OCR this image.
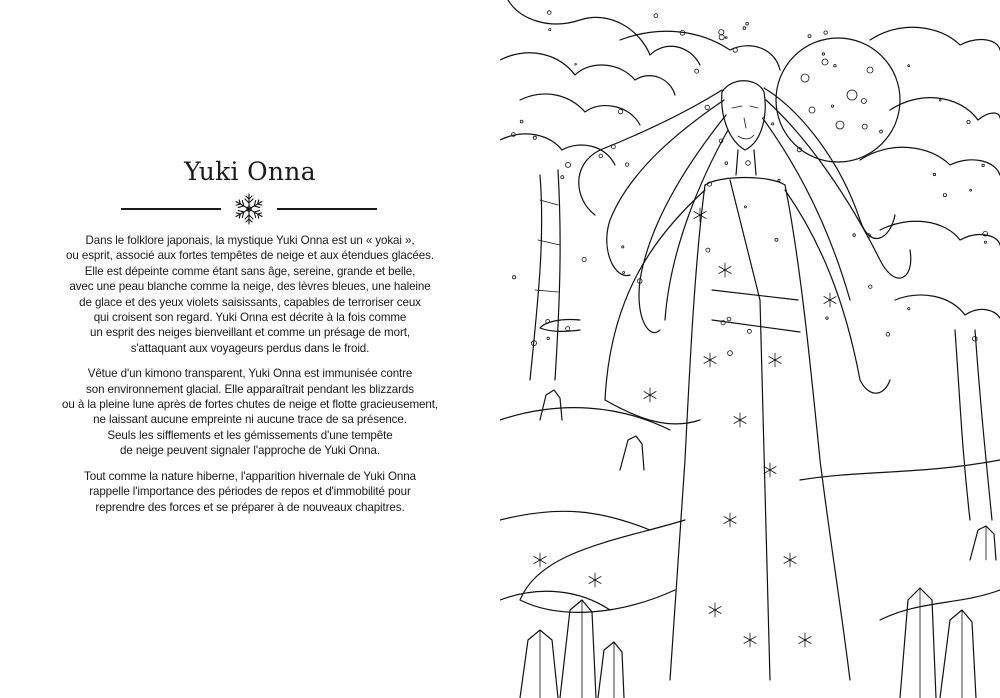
Yuki Onna

Dans le folklore japonais, la mystique Yuki Onna est un « yokai »,
ou esprit, associé aux fortes tempêtes de neige et aux étendues glacées.
Elle est dépeinte comme étant sans âge, sereine, grande et belle,
avec une peau blanche comme la neige, des lèvres bleues, une haleine
de glace et des yeux violets saisissants, capables de terroriser ceux
qui croisent son regard. Yuki Onna est décrite à la fois comme
un esprit des neiges bienveillant et comme un présage de mort,
s'attaquant aux voyageurs perdus dans le froid.

Vêtue d'un kimono transparent, Yuki Onna est immunisée contre
son environnement glacial. Elle apparaîtrait pendant les blizzards
ou à la pleine lune après de fortes chutes de neige et flotte gracieusement,
ne laissant aucune empreinte ni aucune trace de sa présence.
Seuls les sifflements et les gémissements d'une tempête
de neige peuvent signaler l'approche de Yuki Onna.

Tout comme la nature hiberne, l'apparition hivernale de Yuki Onna
rappelle l'importance des périodes de repos et d'immobilité pour
reprendre des forces et se préparer à de nouveaux chapitres.
